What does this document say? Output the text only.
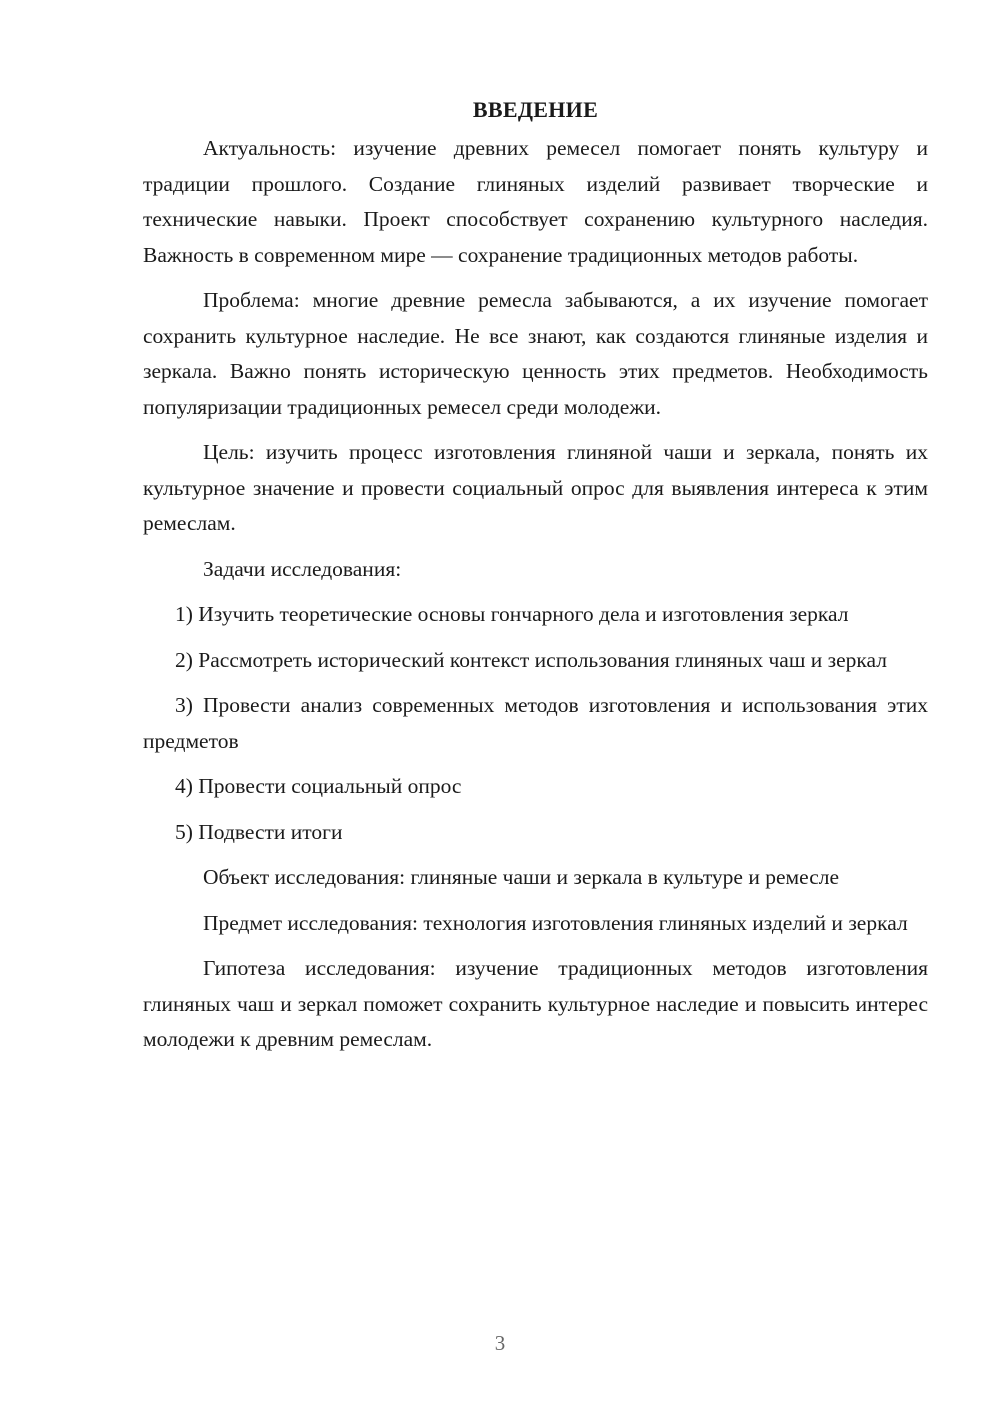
ВВЕДЕНИЕ

Актуальность: изучение древних ремесел помогает понять культуру и традиции прошлого. Создание глиняных изделий развивает творческие и технические навыки. Проект способствует сохранению культурного наследия. Важность в современном мире — сохранение традиционных методов работы.

Проблема: многие древние ремесла забываются, а их изучение помогает сохранить культурное наследие. Не все знают, как создаются глиняные изделия и зеркала. Важно понять историческую ценность этих предметов. Необходимость популяризации традиционных ремесел среди молодежи.

Цель: изучить процесс изготовления глиняной чаши и зеркала, понять их культурное значение и провести социальный опрос для выявления интереса к этим ремеслам.

Задачи исследования:

1) Изучить теоретические основы гончарного дела и изготовления зеркал

2) Рассмотреть исторический контекст использования глиняных чаш и зеркал

3) Провести анализ современных методов изготовления и использования этих предметов

4) Провести социальный опрос

5) Подвести итоги

Объект исследования: глиняные чаши и зеркала в культуре и ремесле

Предмет исследования: технология изготовления глиняных изделий и зеркал

Гипотеза исследования: изучение традиционных методов изготовления глиняных чаш и зеркал поможет сохранить культурное наследие и повысить интерес молодежи к древним ремеслам.

3
